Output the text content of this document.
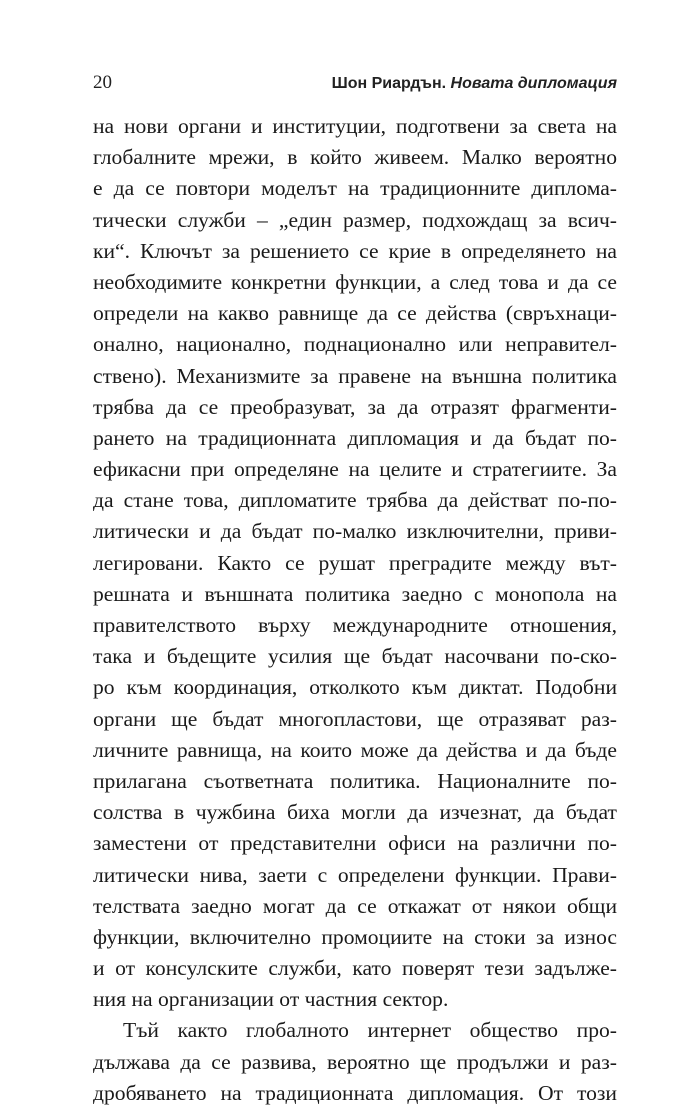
20	Шон Риардън. Новата дипломация
на нови органи и институции, подготвени за света на
глобалните мрежи, в който живеем. Малко вероятно
е да се повтори моделът на традиционните диплома-
тически служби – „един размер, подхождащ за всич-
ки“. Ключът за решението се крие в определянето на
необходимите конкретни функции, а след това и да се
определи на какво равнище да се действа (свръхнаци-
онално, национално, поднационално или неправител-
ствено). Механизмите за правене на външна политика
трябва да се преобразуват, за да отразят фрагменти-
рането на традиционната дипломация и да бъдат по-
ефикасни при определяне на целите и стратегиите. За
да стане това, дипломатите трябва да действат по-по-
литически и да бъдат по-малко изключителни, приви-
легировани. Както се рушат преградите между вът-
решната и външната политика заедно с монопола на
правителството върху международните отношения,
така и бъдещите усилия ще бъдат насочвани по-ско-
ро към координация, отколкото към диктат. Подобни
органи ще бъдат многопластови, ще отразяват раз-
личните равнища, на които може да действа и да бъде
прилагана съответната политика. Националните по-
солства в чужбина биха могли да изчезнат, да бъдат
заместени от представителни офиси на различни по-
литически нива, заети с определени функции. Прави-
телствата заедно могат да се откажат от някои общи
функции, включително промоциите на стоки за износ
и от консулските служби, като поверят тези задълже-
ния на организации от частния сектор.
Тъй както глобалното интернет общество про-
дължава да се развива, вероятно ще продължи и раз-
дробяването на традиционната дипломация. От този
